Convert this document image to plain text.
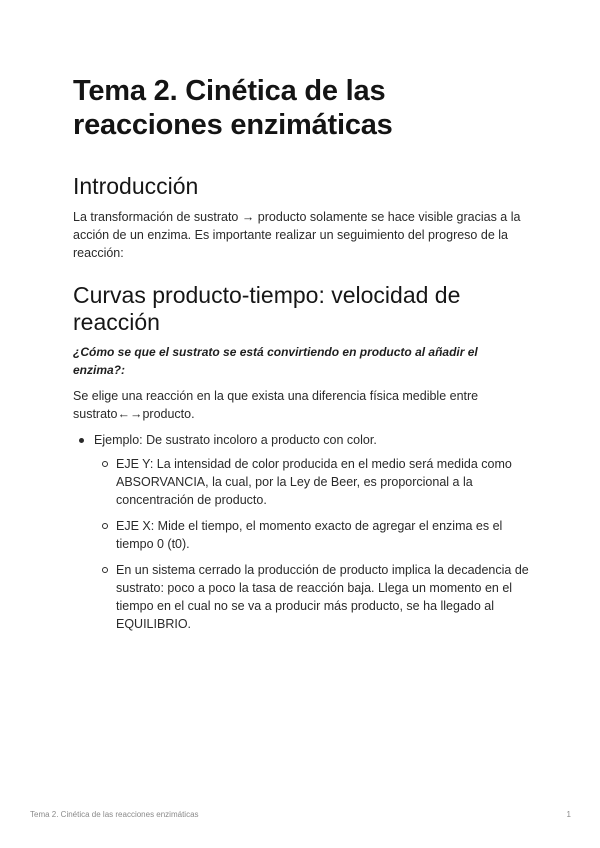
Tema 2. Cinética de las reacciones enzimáticas
Introducción

La transformación de sustrato → producto solamente se hace visible gracias a la acción de un enzima. Es importante realizar un seguimiento del progreso de la reacción:

Curvas producto-tiempo: velocidad de reacción

¿Cómo se que el sustrato se está convirtiendo en producto al añadir el enzima?:

Se elige una reacción en la que exista una diferencia física medible entre sustrato←→producto.

Ejemplo: De sustrato incoloro a producto con color.
EJE Y: La intensidad de color producida en el medio será medida como ABSORVANCIA, la cual, por la Ley de Beer, es proporcional a la concentración de producto.
EJE X: Mide el tiempo, el momento exacto de agregar el enzima es el tiempo 0 (t0).
En un sistema cerrado la producción de producto implica la decadencia de sustrato: poco a poco la tasa de reacción baja. Llega un momento en el tiempo en el cual no se va a producir más producto, se ha llegado al EQUILIBRIO.
Tema 2. Cinética de las reacciones enzimáticas	1
